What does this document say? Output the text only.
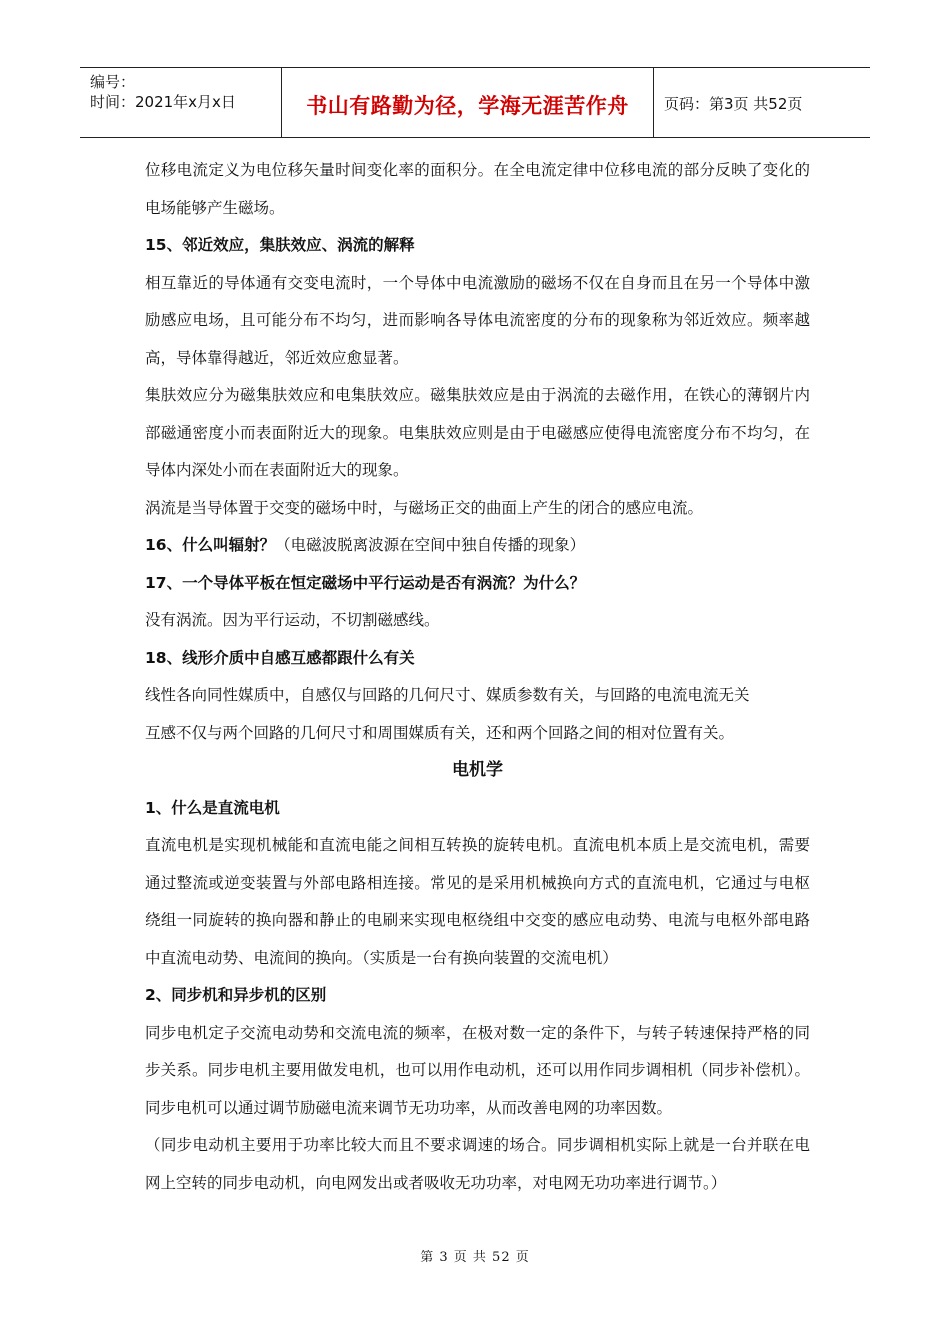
编号：
时间：2021年x月x日	书山有路勤为径，学海无涯苦作舟	页码：第3页 共52页

位移电流定义为电位移矢量时间变化率的面积分。在全电流定律中位移电流的部分反映了变化的电场能够产生磁场。

15、邻近效应，集肤效应、涡流的解释

相互靠近的导体通有交变电流时，一个导体中电流激励的磁场不仅在自身而且在另一个导体中激励感应电场，且可能分布不均匀，进而影响各导体电流密度的分布的现象称为邻近效应。频率越高，导体靠得越近，邻近效应愈显著。

集肤效应分为磁集肤效应和电集肤效应。磁集肤效应是由于涡流的去磁作用，在铁心的薄钢片内部磁通密度小而表面附近大的现象。电集肤效应则是由于电磁感应使得电流密度分布不均匀，在导体内深处小而在表面附近大的现象。

涡流是当导体置于交变的磁场中时，与磁场正交的曲面上产生的闭合的感应电流。

16、什么叫辐射？（电磁波脱离波源在空间中独自传播的现象）

17、一个导体平板在恒定磁场中平行运动是否有涡流？为什么？

没有涡流。因为平行运动，不切割磁感线。

18、线形介质中自感互感都跟什么有关

线性各向同性媒质中，自感仅与回路的几何尺寸、媒质参数有关，与回路的电流电流无关

互感不仅与两个回路的几何尺寸和周围媒质有关，还和两个回路之间的相对位置有关。

电机学

1、什么是直流电机

直流电机是实现机械能和直流电能之间相互转换的旋转电机。直流电机本质上是交流电机，需要通过整流或逆变装置与外部电路相连接。常见的是采用机械换向方式的直流电机，它通过与电枢绕组一同旋转的换向器和静止的电刷来实现电枢绕组中交变的感应电动势、电流与电枢外部电路中直流电动势、电流间的换向。（实质是一台有换向装置的交流电机）

2、同步机和异步机的区别

同步电机定子交流电动势和交流电流的频率，在极对数一定的条件下，与转子转速保持严格的同步关系。同步电机主要用做发电机，也可以用作电动机，还可以用作同步调相机（同步补偿机）。同步电机可以通过调节励磁电流来调节无功功率，从而改善电网的功率因数。

（同步电动机主要用于功率比较大而且不要求调速的场合。同步调相机实际上就是一台并联在电网上空转的同步电动机，向电网发出或者吸收无功功率，对电网无功功率进行调节。）

第 3 页 共 52 页
